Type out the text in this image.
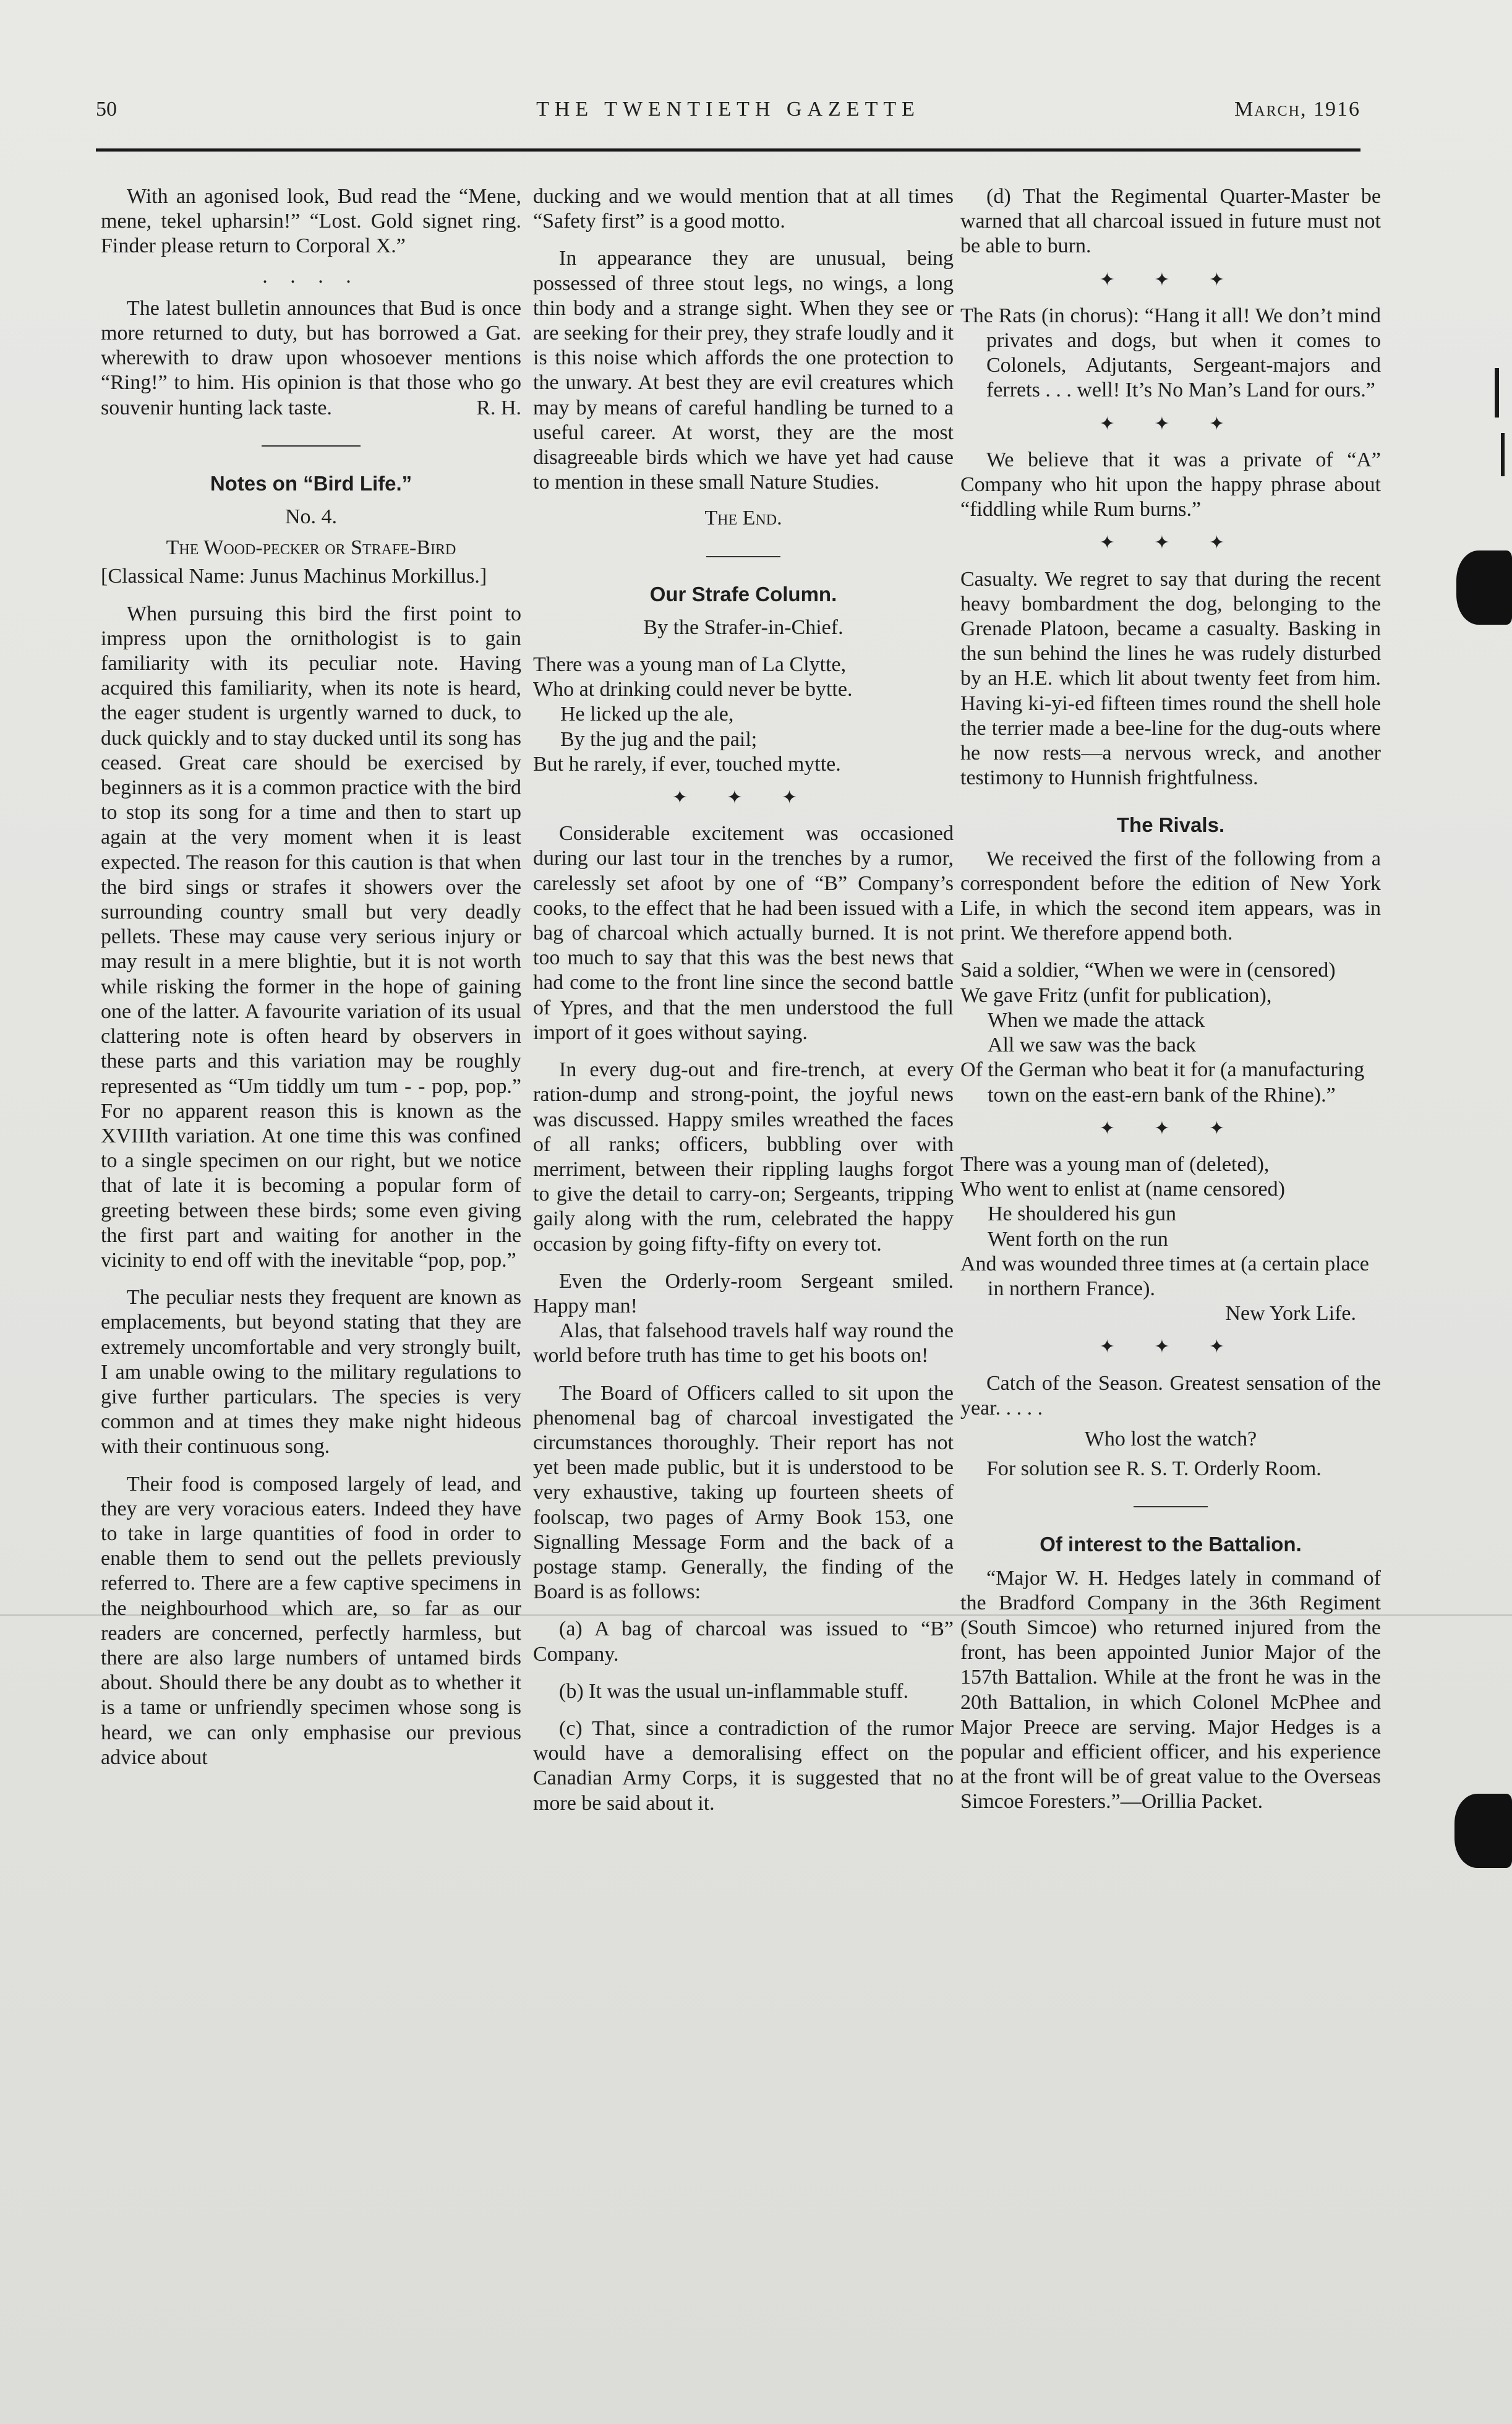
50	THE TWENTIETH GAZETTE	March, 1916

With an agonised look, Bud read the “Mene, mene, tekel upharsin!” “Lost. Gold signet ring. Finder please return to Corporal X.”

. . . .

The latest bulletin announces that Bud is once more returned to duty, but has borrowed a Gat. wherewith to draw upon whosoever mentions “Ring!” to him. His opinion is that those who go souvenir hunting lack taste.	R. H.

Notes on “Bird Life.”
No. 4.
The Wood-pecker or Strafe-Bird
[Classical Name: Junus Machinus Morkillus.]

When pursuing this bird the first point to impress upon the ornithologist is to gain familiarity with its peculiar note. Having acquired this familiarity, when its note is heard, the eager student is urgently warned to duck, to duck quickly and to stay ducked until its song has ceased. Great care should be exercised by beginners as it is a common practice with the bird to stop its song for a time and then to start up again at the very moment when it is least expected. The reason for this caution is that when the bird sings or strafes it showers over the surrounding country small but very deadly pellets. These may cause very serious injury or may result in a mere blightie, but it is not worth while risking the former in the hope of gaining one of the latter. A favourite variation of its usual clattering note is often heard by observers in these parts and this variation may be roughly represented as “Um tiddly um tum - - pop, pop.” For no apparent reason this is known as the XVIIIth variation. At one time this was confined to a single specimen on our right, but we notice that of late it is becoming a popular form of greeting between these birds; some even giving the first part and waiting for another in the vicinity to end off with the inevitable “pop, pop.”

The peculiar nests they frequent are known as emplacements, but beyond stating that they are extremely uncomfortable and very strongly built, I am unable owing to the military regulations to give further particulars. The species is very common and at times they make night hideous with their continuous song.

Their food is composed largely of lead, and they are very voracious eaters. Indeed they have to take in large quantities of food in order to enable them to send out the pellets previously referred to. There are a few captive specimens in the neighbourhood which are, so far as our readers are concerned, perfectly harmless, but there are also large numbers of untamed birds about. Should there be any doubt as to whether it is a tame or unfriendly specimen whose song is heard, we can only emphasise our previous advice about

ducking and we would mention that at all times “Safety first” is a good motto.

In appearance they are unusual, being possessed of three stout legs, no wings, a long thin body and a strange sight. When they see or are seeking for their prey, they strafe loudly and it is this noise which affords the one protection to the unwary. At best they are evil creatures which may by means of careful handling be turned to a useful career. At worst, they are the most disagreeable birds which we have yet had cause to mention in these small Nature Studies.

The End.
Our Strafe Column.
By the Strafer-in-Chief.
There was a young man of La Clytte,
Who at drinking could never be bytte.
He licked up the ale,
By the jug and the pail;
But he rarely, if ever, touched mytte.
✦ ✦ ✦

Considerable excitement was occasioned during our last tour in the trenches by a rumor, carelessly set afoot by one of “B” Company’s cooks, to the effect that he had been issued with a bag of charcoal which actually burned. It is not too much to say that this was the best news that had come to the front line since the second battle of Ypres, and that the men understood the full import of it goes without saying.

In every dug-out and fire-trench, at every ration-dump and strong-point, the joyful news was discussed. Happy smiles wreathed the faces of all ranks; officers, bubbling over with merriment, between their rippling laughs forgot to give the detail to carry-on; Sergeants, tripping gaily along with the rum, celebrated the happy occasion by going fifty-fifty on every tot.

Even the Orderly-room Sergeant smiled. Happy man!

Alas, that falsehood travels half way round the world before truth has time to get his boots on!

The Board of Officers called to sit upon the phenomenal bag of charcoal investigated the circumstances thoroughly. Their report has not yet been made public, but it is understood to be very exhaustive, taking up fourteen sheets of foolscap, two pages of Army Book 153, one Signalling Message Form and the back of a postage stamp. Generally, the finding of the Board is as follows:

(a) A bag of charcoal was issued to “B” Company.

(b) It was the usual un-inflammable stuff.

(c) That, since a contradiction of the rumor would have a demoralising effect on the Canadian Army Corps, it is suggested that no more be said about it.

(d) That the Regimental Quarter-Master be warned that all charcoal issued in future must not be able to burn.

✦ ✦ ✦
The Rats (in chorus): “Hang it all! We don’t mind privates and dogs, but when it comes to Colonels, Adjutants, Sergeant-majors and ferrets . . . well! It’s No Man’s Land for ours.”
✦ ✦ ✦

We believe that it was a private of “A” Company who hit upon the happy phrase about “fiddling while Rum burns.”

✦ ✦ ✦

Casualty. We regret to say that during the recent heavy bombardment the dog, belonging to the Grenade Platoon, became a casualty. Basking in the sun behind the lines he was rudely disturbed by an H.E. which lit about twenty feet from him. Having ki-yi-ed fifteen times round the shell hole the terrier made a bee-line for the dug-outs where he now rests—a nervous wreck, and another testimony to Hunnish frightfulness.

The Rivals.

We received the first of the following from a correspondent before the edition of New York Life, in which the second item appears, was in print. We therefore append both.

Said a soldier, “When we were in (censored)
We gave Fritz (unfit for publication),
When we made the attack
All we saw was the back
Of the German who beat it for (a manufacturing town on the east-ern bank of the Rhine).”
✦ ✦ ✦
There was a young man of (deleted),
Who went to enlist at (name censored)
He shouldered his gun
Went forth on the run
And was wounded three times at (a certain place in northern France).
New York Life.
✦ ✦ ✦

Catch of the Season. Greatest sensation of the year. . . . .

Who lost the watch?

For solution see R. S. T. Orderly Room.

Of interest to the Battalion.

“Major W. H. Hedges lately in command of the Bradford Company in the 36th Regiment (South Simcoe) who returned injured from the front, has been appointed Junior Major of the 157th Battalion. While at the front he was in the 20th Battalion, in which Colonel McPhee and Major Preece are serving. Major Hedges is a popular and efficient officer, and his experience at the front will be of great value to the Overseas Simcoe Foresters.”—Orillia Packet.
